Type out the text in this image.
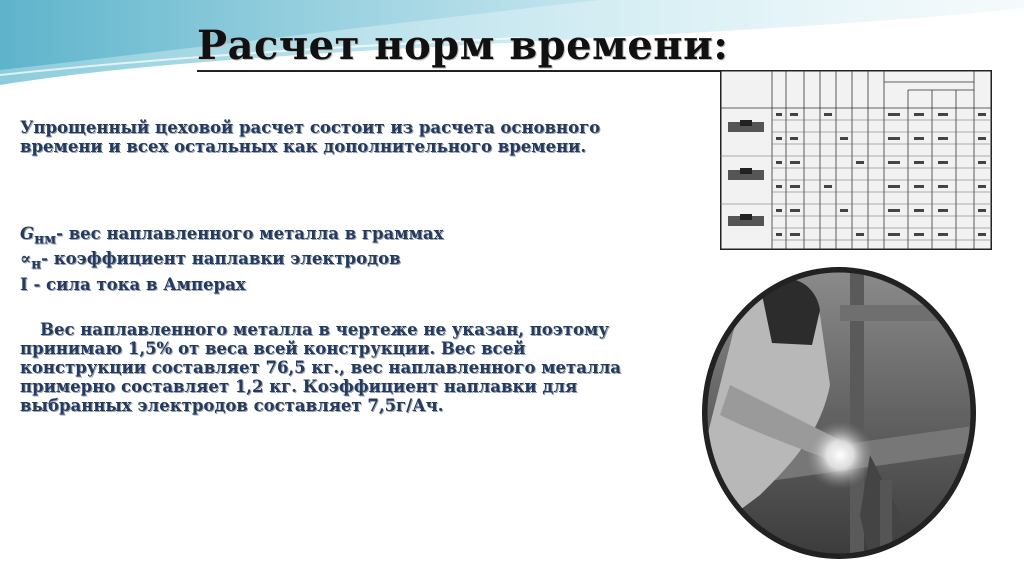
Расчет норм времени:
Упрощенный цеховой расчет состоит из расчета основного
времени и всех остальных как дополнительного времени.
$G_{нм}-$ вес наплавленного металла в граммах
$\propto_н-$ коэффициент наплавки электродов
I - сила тока в Амперах
Вес наплавленного металла в чертеже не указан, поэтому
принимаю 1,5% от веса всей конструкции. Вес всей
конструкции составляет 76,5 кг., вес наплавленного металла
примерно составляет 1,2 кг. Коэффициент наплавки для
выбранных электродов составляет 7,5г/Ач.
